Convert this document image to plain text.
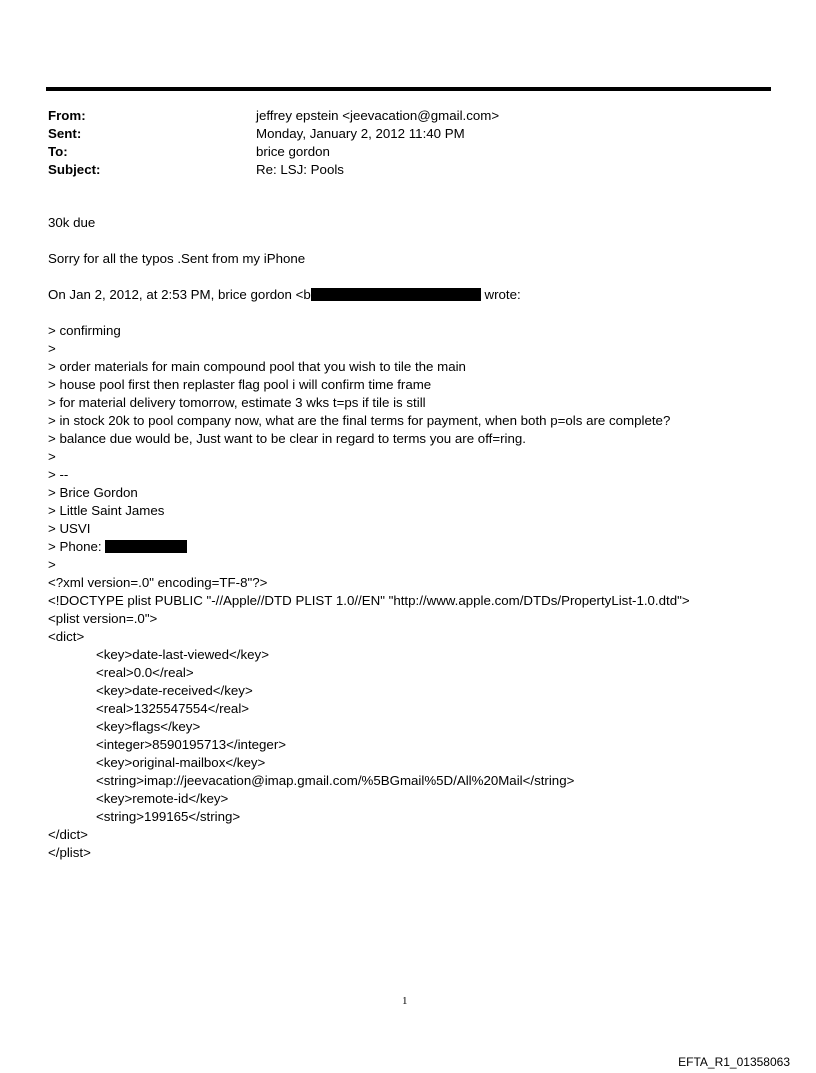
From:	jeffrey epstein <jeevacation@gmail.com>
Sent:	Monday, January 2, 2012 11:40 PM
To:	brice gordon
Subject:	Re: LSJ: Pools
30k due
Sorry for all the typos .Sent from my iPhone
On Jan 2, 2012, at 2:53 PM, brice gordon <b	wrote:
> confirming
>
> order materials for main compound pool that you wish to tile the main
> house pool first then replaster flag pool i will confirm time frame
> for material delivery tomorrow, estimate 3 wks t=ps if tile is still
> in stock 20k to pool company now, what are the final terms for payment, when both p=ols are complete?
> balance due would be, Just want to be clear in regard to terms you are off=ring.
>
> --
> Brice Gordon
> Little Saint James
> USVI
> Phone:
>
<?xml version=.0" encoding=TF-8"?>
<!DOCTYPE plist PUBLIC "-//Apple//DTD PLIST 1.0//EN" "http://www.apple.com/DTDs/PropertyList-1.0.dtd">
<plist version=.0">
<dict>
<key>date-last-viewed</key>
<real>0.0</real>
<key>date-received</key>
<real>1325547554</real>
<key>flags</key>
<integer>8590195713</integer>
<key>original-mailbox</key>
<string>imap://jeevacation@imap.gmail.com/%5BGmail%5D/All%20Mail</string>
<key>remote-id</key>
<string>199165</string>
</dict>
</plist>
1
EFTA_R1_01358063
